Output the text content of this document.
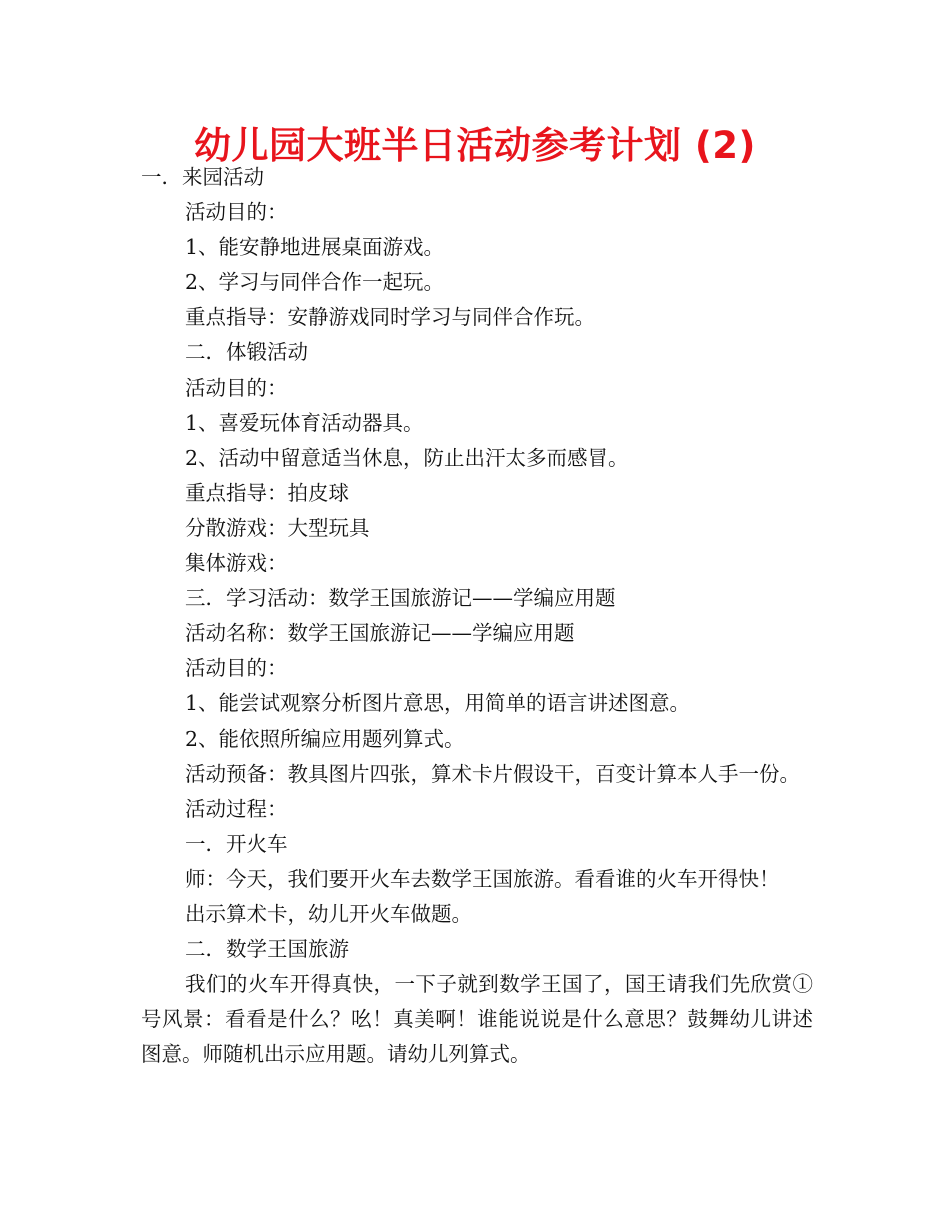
幼儿园大班半日活动参考计划 (2)
一．来园活动
活动目的：
1、能安静地进展桌面游戏。
2、学习与同伴合作一起玩。
重点指导：安静游戏同时学习与同伴合作玩。
二．体锻活动
活动目的：
1、喜爱玩体育活动器具。
2、活动中留意适当休息，防止出汗太多而感冒。
重点指导：拍皮球
分散游戏：大型玩具
集体游戏：
三．学习活动：数学王国旅游记——学编应用题
活动名称：数学王国旅游记——学编应用题
活动目的：
1、能尝试观察分析图片意思，用简单的语言讲述图意。
2、能依照所编应用题列算式。
活动预备：教具图片四张，算术卡片假设干，百变计算本人手一份。
活动过程：
一．开火车
师：今天，我们要开火车去数学王国旅游。看看谁的火车开得快！
出示算术卡，幼儿开火车做题。
二．数学王国旅游
我们的火车开得真快，一下子就到数学王国了，国王请我们先欣赏①号风景：看看是什么？吆！真美啊！谁能说说是什么意思？鼓舞幼儿讲述图意。师随机出示应用题。请幼儿列算式。
